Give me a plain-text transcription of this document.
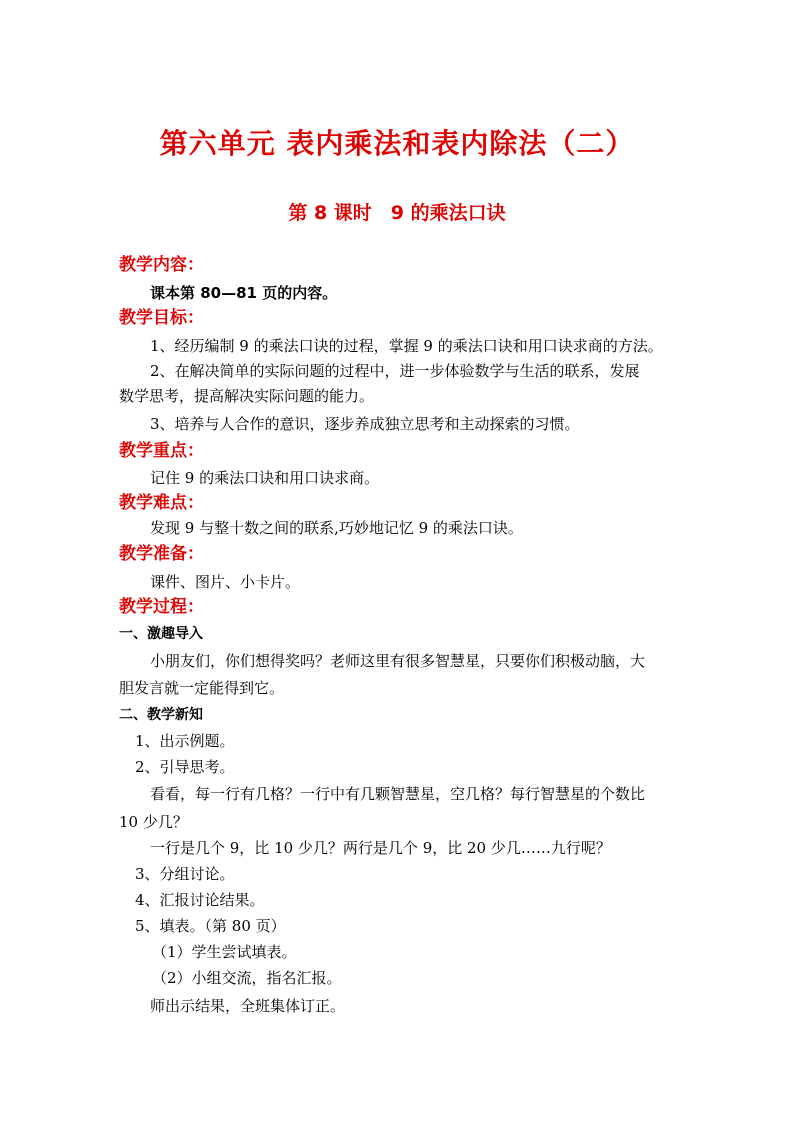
第六单元 表内乘法和表内除法（二）
第 8 课时　9 的乘法口诀
教学内容：
课本第 80—81 页的内容。
教学目标：
1、经历编制 9 的乘法口诀的过程，掌握 9 的乘法口诀和用口诀求商的方法。
2、在解决简单的实际问题的过程中，进一步体验数学与生活的联系，发展
数学思考，提高解决实际问题的能力。
3、培养与人合作的意识，逐步养成独立思考和主动探索的习惯。
教学重点：
记住 9 的乘法口诀和用口诀求商。
教学难点：
发现 9 与整十数之间的联系,巧妙地记忆 9 的乘法口诀。
教学准备：
课件、图片、小卡片。
教学过程：
一、激趣导入
小朋友们，你们想得奖吗？老师这里有很多智慧星，只要你们积极动脑，大
胆发言就一定能得到它。
二、教学新知
1、出示例题。
2、引导思考。
看看，每一行有几格？一行中有几颗智慧星，空几格？每行智慧星的个数比
10 少几？
一行是几个 9，比 10 少几？两行是几个 9，比 20 少几……九行呢？
3、分组讨论。
4、汇报讨论结果。
5、填表。（第 80 页）
（1）学生尝试填表。
（2）小组交流，指名汇报。
师出示结果，全班集体订正。
